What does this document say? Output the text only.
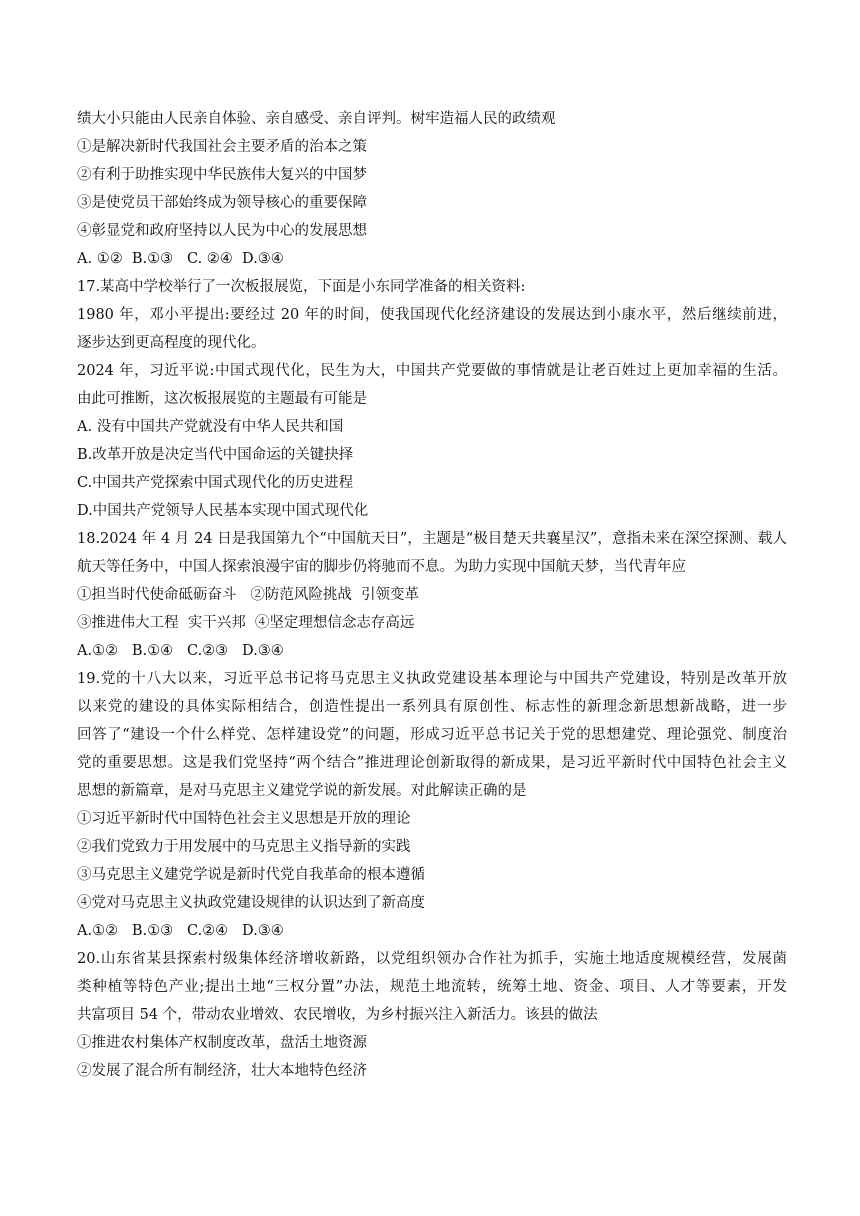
绩大小只能由人民亲自体验、亲自感受、亲自评判。树牢造福人民的政绩观
①是解决新时代我国社会主要矛盾的治本之策
②有利于助推实现中华民族伟大复兴的中国梦
③是使党员干部始终成为领导核心的重要保障
④彰显党和政府坚持以人民为中心的发展思想
A. ①②  B.①③   C. ②④  D.③④
17.某高中学校举行了一次板报展览，下面是小东同学准备的相关资料:
1980 年，邓小平提出:要经过 20 年的时间，使我国现代化经济建设的发展达到小康水平，然后继续前进，
逐步达到更高程度的现代化。
2024 年，习近平说:中国式现代化，民生为大，中国共产党要做的事情就是让老百姓过上更加幸福的生活。
由此可推断，这次板报展览的主题最有可能是
A. 没有中国共产党就没有中华人民共和国
B.改革开放是决定当代中国命运的关键抉择
C.中国共产党探索中国式现代化的历史进程
D.中国共产党领导人民基本实现中国式现代化
18.2024 年 4 月 24 日是我国第九个“中国航天日”，主题是“极目楚天共襄星汉”，意指未来在深空探测、载人
航天等任务中，中国人探索浪漫宇宙的脚步仍将驰而不息。为助力实现中国航天梦，当代青年应
①担当时代使命砥砺奋斗   ②防范风险挑战  引领变革
③推进伟大工程  实干兴邦  ④坚定理想信念志存高远
A.①②   B.①④   C.②③   D.③④
19.党的十八大以来，习近平总书记将马克思主义执政党建设基本理论与中国共产党建设，特别是改革开放
以来党的建设的具体实际相结合，创造性提出一系列具有原创性、标志性的新理念新思想新战略，进一步
回答了“建设一个什么样党、怎样建设党”的问题，形成习近平总书记关于党的思想建党、理论强党、制度治
党的重要思想。这是我们党坚持“两个结合”推进理论创新取得的新成果，是习近平新时代中国特色社会主义
思想的新篇章，是对马克思主义建党学说的新发展。对此解读正确的是
①习近平新时代中国特色社会主义思想是开放的理论
②我们党致力于用发展中的马克思主义指导新的实践
③马克思主义建党学说是新时代党自我革命的根本遵循
④党对马克思主义执政党建设规律的认识达到了新高度
A.①②   B.①③   C.②④   D.③④
20.山东省某县探索村级集体经济增收新路，以党组织领办合作社为抓手，实施土地适度规模经营，发展菌
类种植等特色产业;提出土地“三权分置”办法，规范土地流转，统筹土地、资金、项目、人才等要素，开发
共富项目 54 个，带动农业增效、农民增收，为乡村振兴注入新活力。该县的做法
①推进农村集体产权制度改革，盘活土地资源
②发展了混合所有制经济，壮大本地特色经济
